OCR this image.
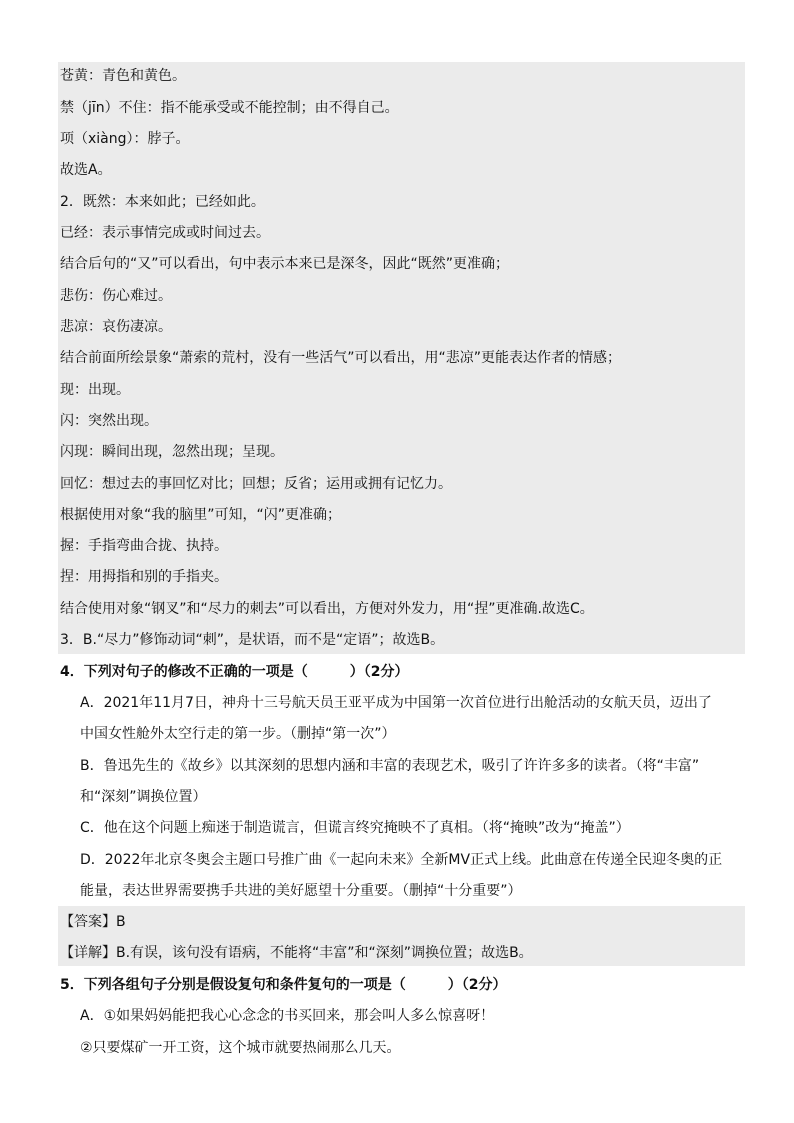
苍黄：青色和黄色。
禁（jīn）不住：指不能承受或不能控制；由不得自己。
项（xiàng）：脖子。
故选A。
2．既然：本来如此；已经如此。
已经：表示事情完成或时间过去。
结合后句的“又”可以看出，句中表示本来已是深冬，因此“既然”更准确；
悲伤：伤心难过。
悲凉：哀伤凄凉。
结合前面所绘景象“萧索的荒村，没有一些活气”可以看出，用“悲凉”更能表达作者的情感；
现：出现。
闪：突然出现。
闪现：瞬间出现，忽然出现；呈现。
回忆：想过去的事回忆对比；回想；反省；运用或拥有记忆力。
根据使用对象“我的脑里”可知，“闪”更准确；
握：手指弯曲合拢、执持。
捏：用拇指和别的手指夹。
结合使用对象“钢叉”和“尽力的刺去”可以看出，方便对外发力，用“捏”更准确.故选C。
3．B.“尽力”修饰动词“刺”，是状语，而不是“定语”；故选B。
4．下列对句子的修改不正确的一项是（　　　）（2分）
A．2021年11月7日，神舟十三号航天员王亚平成为中国第一次首位进行出舱活动的女航天员，迈出了
中国女性舱外太空行走的第一步。（删掉“第一次”）
B．鲁迅先生的《故乡》以其深刻的思想内涵和丰富的表现艺术，吸引了许许多多的读者。（将“丰富”
和“深刻”调换位置）
C．他在这个问题上痴迷于制造谎言，但谎言终究掩映不了真相。（将“掩映”改为“掩盖”）
D．2022年北京冬奥会主题口号推广曲《一起向未来》全新MV正式上线。此曲意在传递全民迎冬奥的正
能量，表达世界需要携手共进的美好愿望十分重要。（删掉“十分重要”）
【答案】B
【详解】B.有误，该句没有语病，不能将“丰富”和“深刻”调换位置；故选B。
5．下列各组句子分别是假设复句和条件复句的一项是（　　　）（2分）
A．①如果妈妈能把我心心念念的书买回来，那会叫人多么惊喜呀！
②只要煤矿一开工资，这个城市就要热闹那么几天。
